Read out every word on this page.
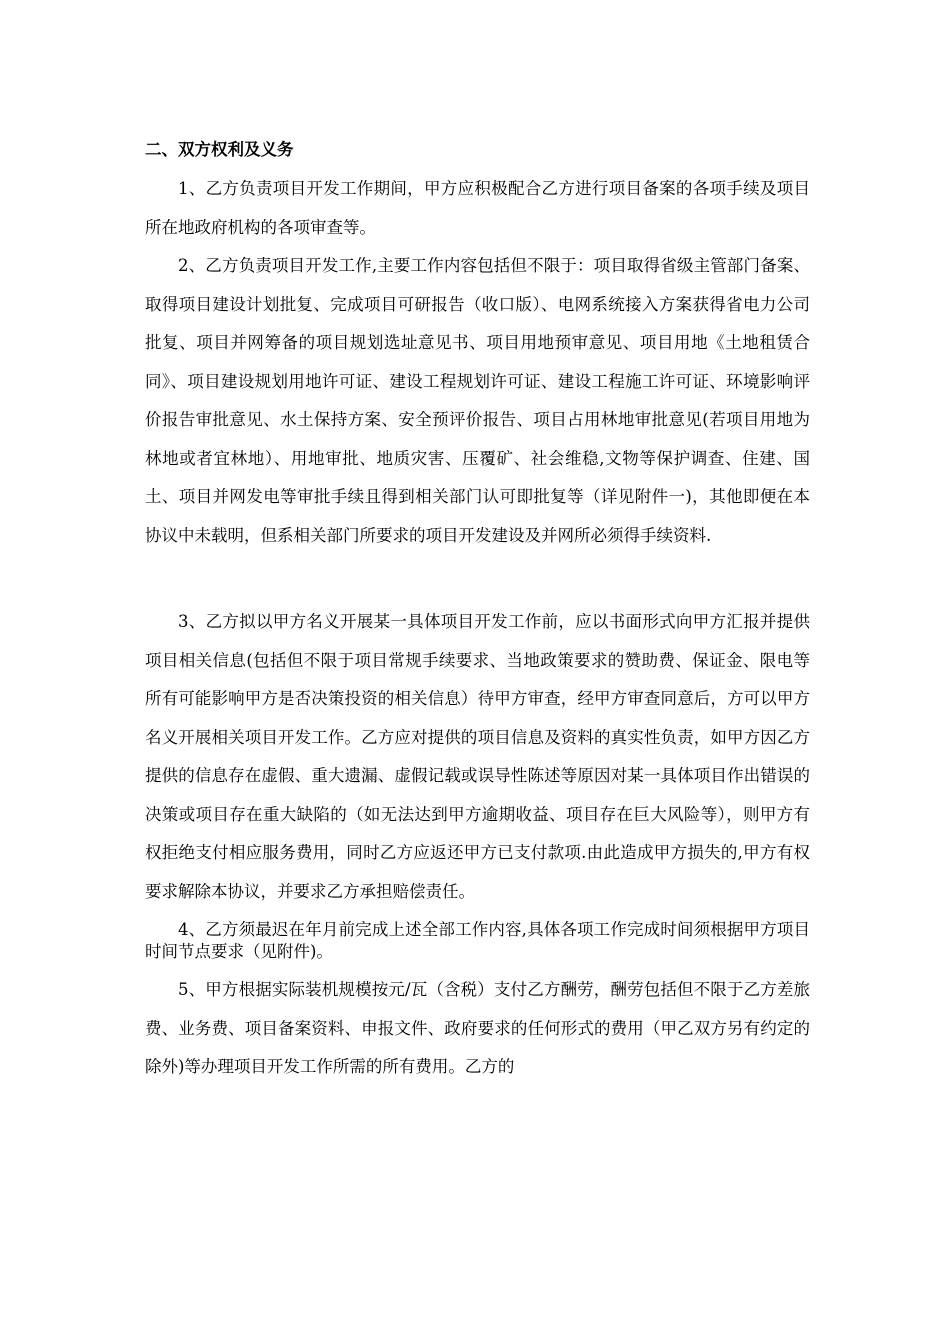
二、双方权利及义务

1、乙方负责项目开发工作期间，甲方应积极配合乙方进行项目备案的各项手续及项目所在地政府机构的各项审查等。

2、乙方负责项目开发工作,主要工作内容包括但不限于：项目取得省级主管部门备案、取得项目建设计划批复、完成项目可研报告（收口版）、电网系统接入方案获得省电力公司批复、项目并网筹备的项目规划选址意见书、项目用地预审意见、项目用地《土地租赁合同》、项目建设规划用地许可证、建设工程规划许可证、建设工程施工许可证、环境影响评价报告审批意见、水土保持方案、安全预评价报告、项目占用林地审批意见(若项目用地为林地或者宜林地）、用地审批、地质灾害、压覆矿、社会维稳,文物等保护调查、住建、国土、项目并网发电等审批手续且得到相关部门认可即批复等（详见附件一)，其他即便在本协议中未载明，但系相关部门所要求的项目开发建设及并网所必须得手续资料.

3、乙方拟以甲方名义开展某一具体项目开发工作前，应以书面形式向甲方汇报并提供项目相关信息(包括但不限于项目常规手续要求、当地政策要求的赞助费、保证金、限电等所有可能影响甲方是否决策投资的相关信息）待甲方审查，经甲方审查同意后，方可以甲方名义开展相关项目开发工作。乙方应对提供的项目信息及资料的真实性负责，如甲方因乙方提供的信息存在虚假、重大遗漏、虚假记载或误导性陈述等原因对某一具体项目作出错误的决策或项目存在重大缺陷的（如无法达到甲方逾期收益、项目存在巨大风险等），则甲方有权拒绝支付相应服务费用，同时乙方应返还甲方已支付款项.由此造成甲方损失的,甲方有权要求解除本协议，并要求乙方承担赔偿责任。

4、乙方须最迟在年月前完成上述全部工作内容,具体各项工作完成时间须根据甲方项目时间节点要求（见附件)。

5、甲方根据实际装机规模按元/瓦（含税）支付乙方酬劳，酬劳包括但不限于乙方差旅费、业务费、项目备案资料、申报文件、政府要求的任何形式的费用（甲乙双方另有约定的除外)等办理项目开发工作所需的所有费用。乙方的
